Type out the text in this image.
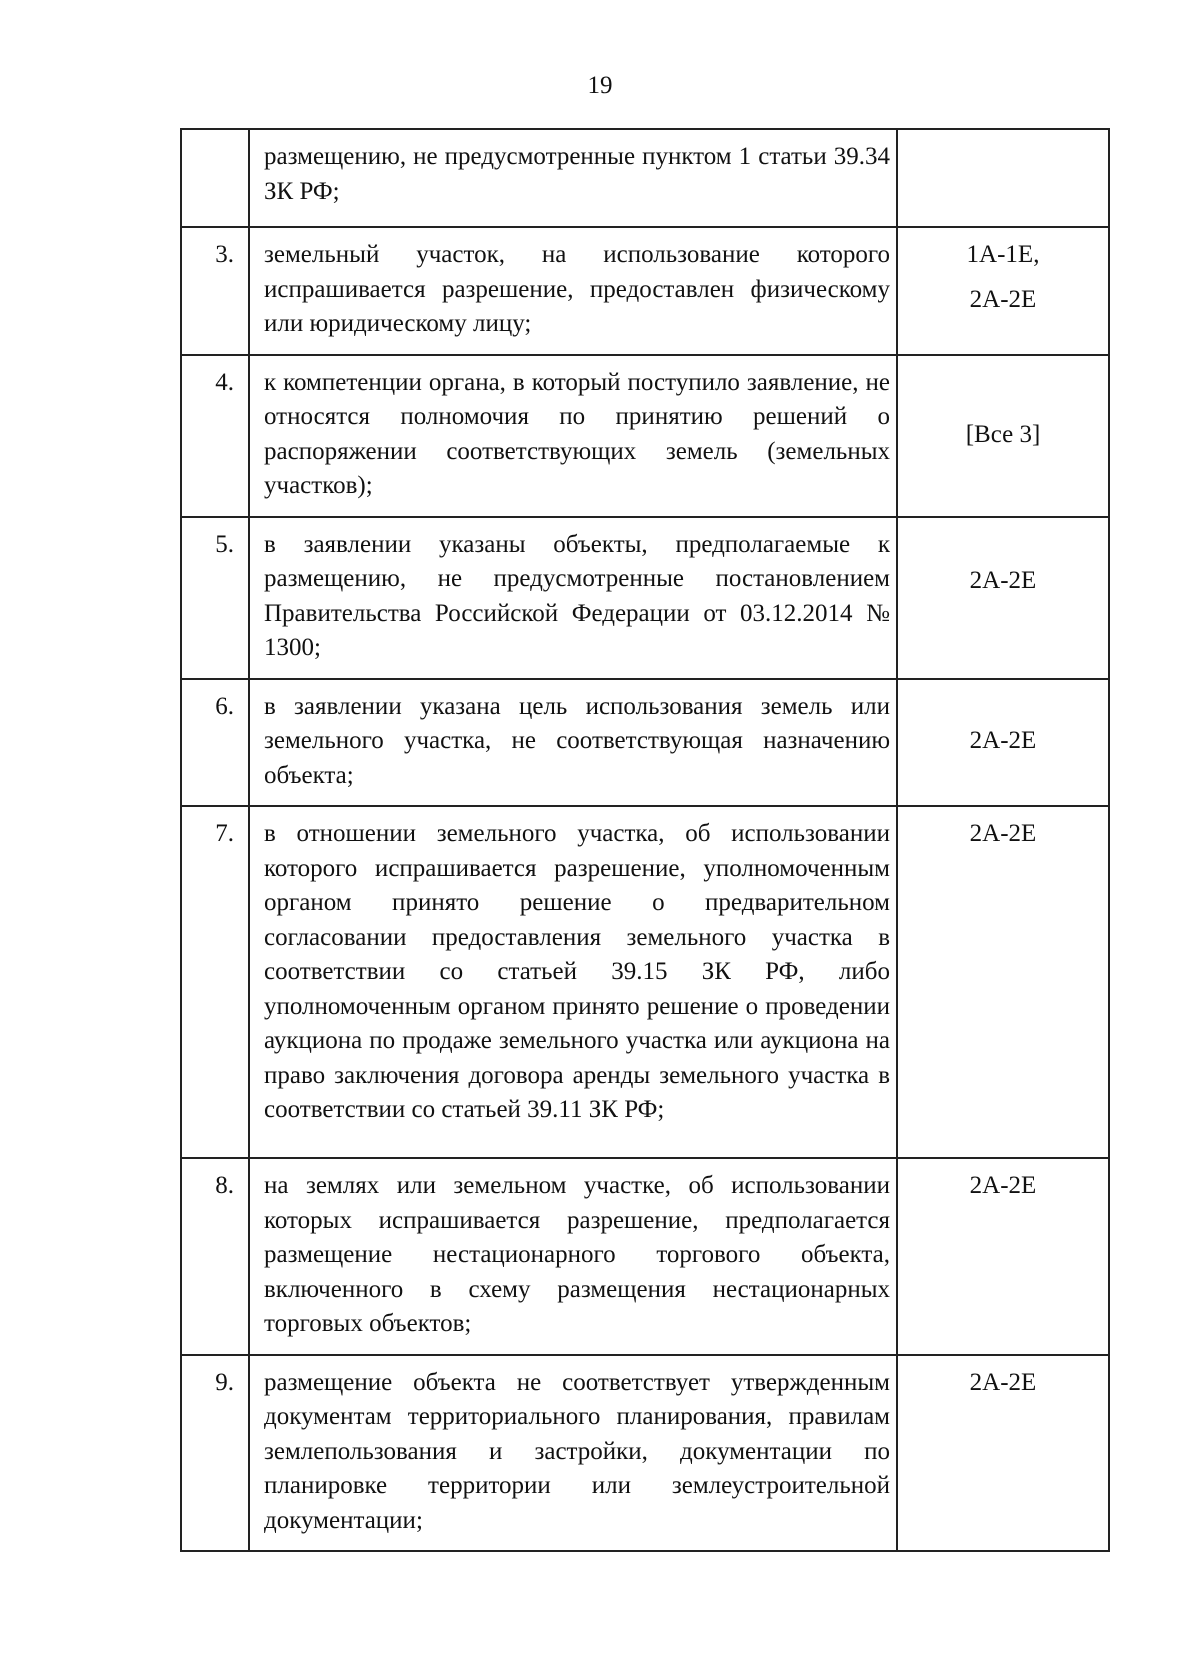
19
	размещению, не предусмотренные пунктом 1 статьи 39.34 ЗК РФ;	
3.	земельный участок, на использование которого испрашивается разрешение, предоставлен физическому или юридическому лицу;	1А-1Е,
2А-2Е

4.	к компетенции органа, в который поступило заявление, не относятся полномочия по принятию решений о распоряжении соответствующих земель (земельных участков);	[Все 3]

5.	в заявлении указаны объекты, предполагаемые к размещению, не предусмотренные постановлением Правительства Российской Федерации от 03.12.2014 № 1300;	2А-2Е

6.	в заявлении указана цель использования земель или земельного участка, не соответствующая назначению объекта;	2А-2Е

7.	в отношении земельного участка, об использовании которого испрашивается разрешение, уполномоченным органом принято решение о предварительном согласовании предоставления земельного участка в соответствии со статьей 39.15 ЗК РФ, либо уполномоченным органом принято решение о проведении аукциона по продаже земельного участка или аукциона на право заключения договора аренды земельного участка в соответствии со статьей 39.11 ЗК РФ;	2А-2Е

8.	на землях или земельном участке, об использовании которых испрашивается разрешение, предполагается размещение нестационарного торгового объекта, включенного в схему размещения нестационарных торговых объектов;	2А-2Е

9.	размещение объекта не соответствует утвержденным документам территориального планирования, правилам землепользования и застройки, документации по планировке территории или землеустроительной документации;	2А-2Е
